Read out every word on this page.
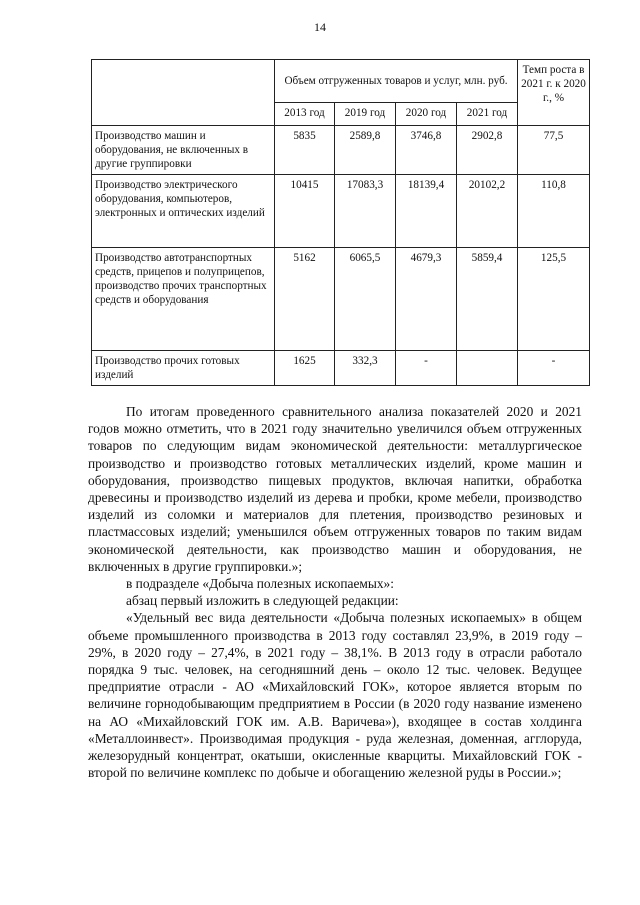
14
	Объем отгруженных товаров и услуг, млн. руб.				Темп роста в 2021 г. к 2020 г., %
	2013 год	2019 год	2020 год	2021 год	
Производство машин и оборудования, не включенных в другие группировки	5835	2589,8	3746,8	2902,8	77,5
Производство электрического оборудования, компьютеров, электронных и оптических изделий	10415	17083,3	18139,4	20102,2	110,8
Производство автотранспортных средств, прицепов и полуприцепов, производство прочих транспортных средств и оборудования	5162	6065,5	4679,3	5859,4	125,5
Производство прочих готовых изделий	1625	332,3	-		-

По итогам проведенного сравнительного анализа показателей 2020 и 2021 годов можно отметить, что в 2021 году значительно увеличился объем отгруженных товаров по следующим видам экономической деятельности: металлургическое производство и производство готовых металлических изделий, кроме машин и оборудования, производство пищевых продуктов, включая напитки, обработка древесины и производство изделий из дерева и пробки, кроме мебели, производство изделий из соломки и материалов для плетения, производство резиновых и пластмассовых изделий; уменьшился объем отгруженных товаров по таким видам экономической деятельности, как производство машин и оборудования, не включенных в другие группировки.»;

в подразделе «Добыча полезных ископаемых»:

абзац первый изложить в следующей редакции:

«Удельный вес вида деятельности «Добыча полезных ископаемых» в общем объеме промышленного производства в 2013 году составлял 23,9%, в 2019 году – 29%, в 2020 году – 27,4%, в 2021 году – 38,1%. В 2013 году в отрасли работало порядка 9 тыс. человек, на сегодняшний день – около 12 тыс. человек. Ведущее предприятие отрасли - АО «Михайловский ГОК», которое является вторым по величине горнодобывающим предприятием в России (в 2020 году название изменено на АО «Михайловский ГОК им. А.В. Варичева»), входящее в состав холдинга «Металлоинвест». Производимая продукция - руда железная, доменная, агглоруда, железорудный концентрат, окатыши, окисленные кварциты. Михайловский ГОК - второй по величине комплекс по добыче и обогащению железной руды в России.»;
